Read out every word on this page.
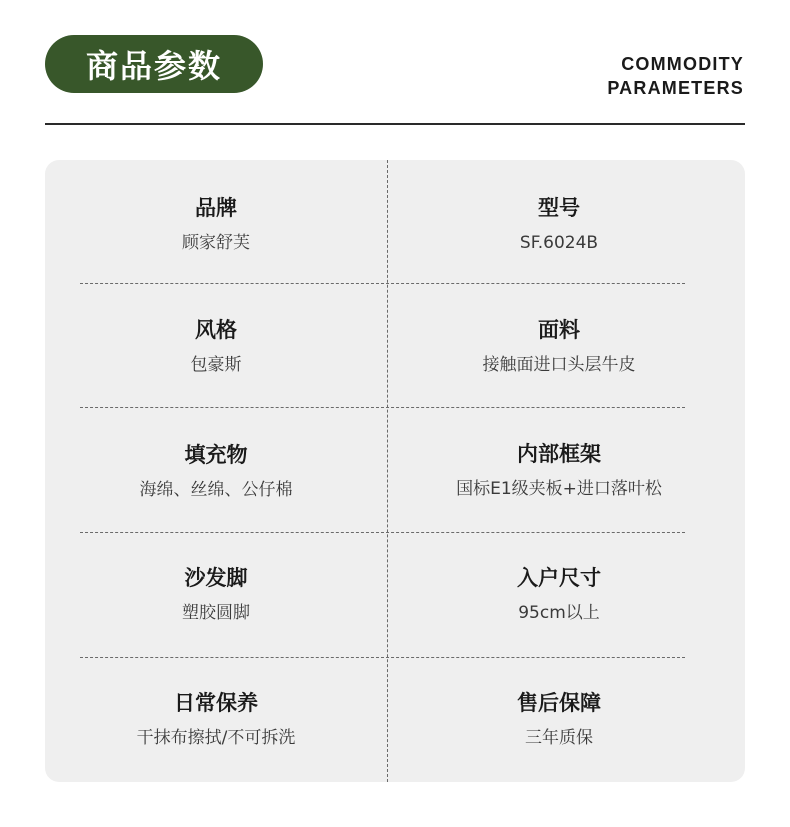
商品参数	COMMODITY
PARAMETERS
品牌
顾家舒芙
型号
SF.6024B
风格
包豪斯
面料
接触面进口头层牛皮
填充物
海绵、丝绵、公仔棉
内部框架
国标E1级夹板+进口落叶松
沙发脚
塑胶圆脚
入户尺寸
95cm以上
日常保养
干抹布擦拭/不可拆洗
售后保障
三年质保
